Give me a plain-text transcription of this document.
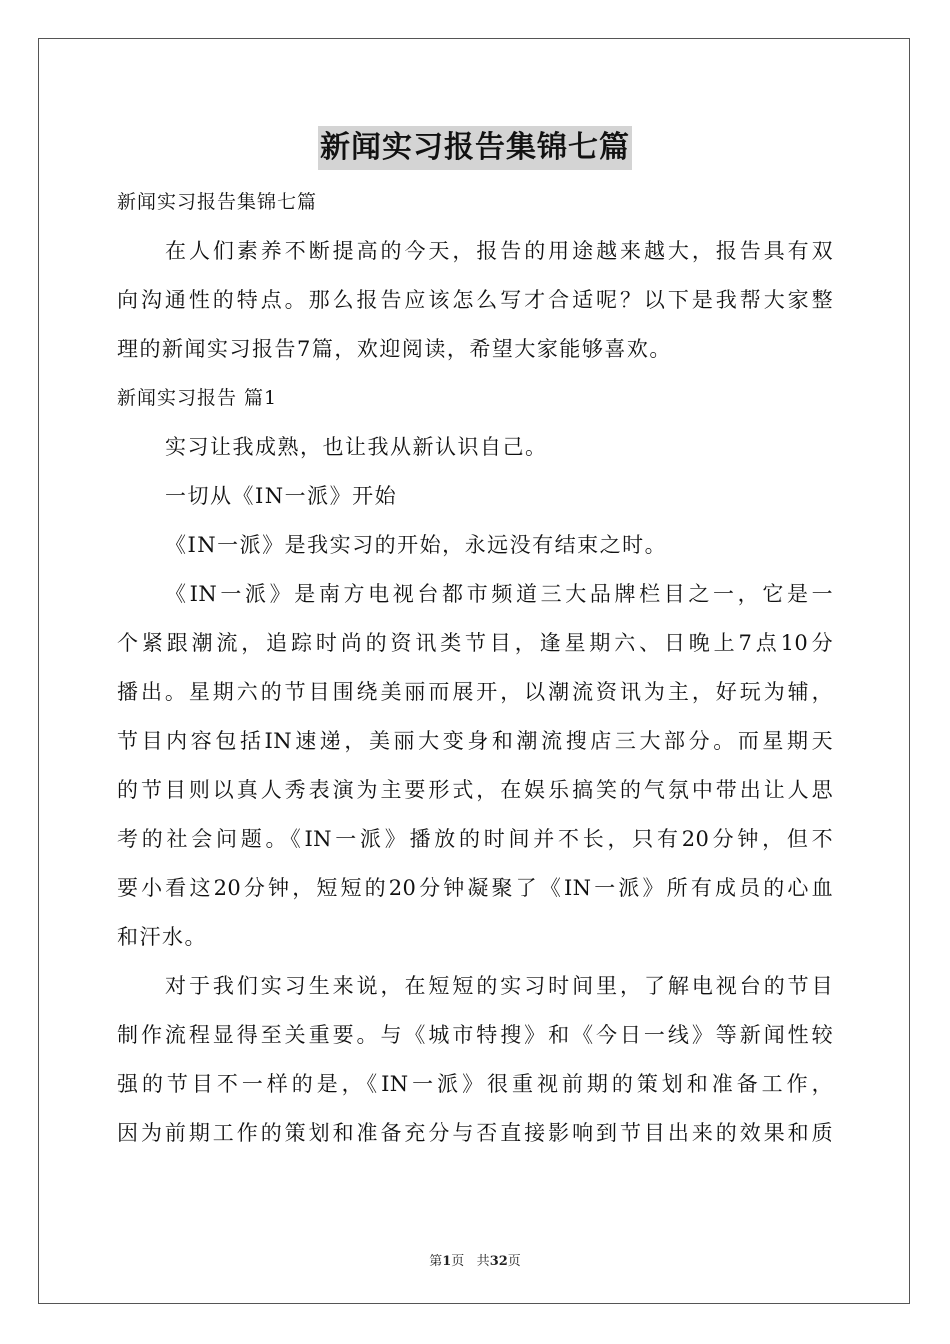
新闻实习报告集锦七篇
新闻实习报告集锦七篇
在人们素养不断提高的今天，报告的用途越来越大，报告具有双
向沟通性的特点。那么报告应该怎么写才合适呢？以下是我帮大家整
理的新闻实习报告7篇，欢迎阅读，希望大家能够喜欢。
新闻实习报告 篇1
实习让我成熟，也让我从新认识自己。
一切从《IN一派》开始
《IN一派》是我实习的开始，永远没有结束之时。
《IN一派》是南方电视台都市频道三大品牌栏目之一，它是一
个紧跟潮流，追踪时尚的资讯类节目，逢星期六、日晚上7点10分
播出。星期六的节目围绕美丽而展开，以潮流资讯为主，好玩为辅，
节目内容包括IN速递，美丽大变身和潮流搜店三大部分。而星期天
的节目则以真人秀表演为主要形式，在娱乐搞笑的气氛中带出让人思
考的社会问题。《IN一派》播放的时间并不长，只有20分钟，但不
要小看这20分钟，短短的20分钟凝聚了《IN一派》所有成员的心血
和汗水。
对于我们实习生来说，在短短的实习时间里，了解电视台的节目
制作流程显得至关重要。与《城市特搜》和《今日一线》等新闻性较
强的节目不一样的是，《IN一派》很重视前期的策划和准备工作，
因为前期工作的策划和准备充分与否直接影响到节目出来的效果和质
第1页 共32页
